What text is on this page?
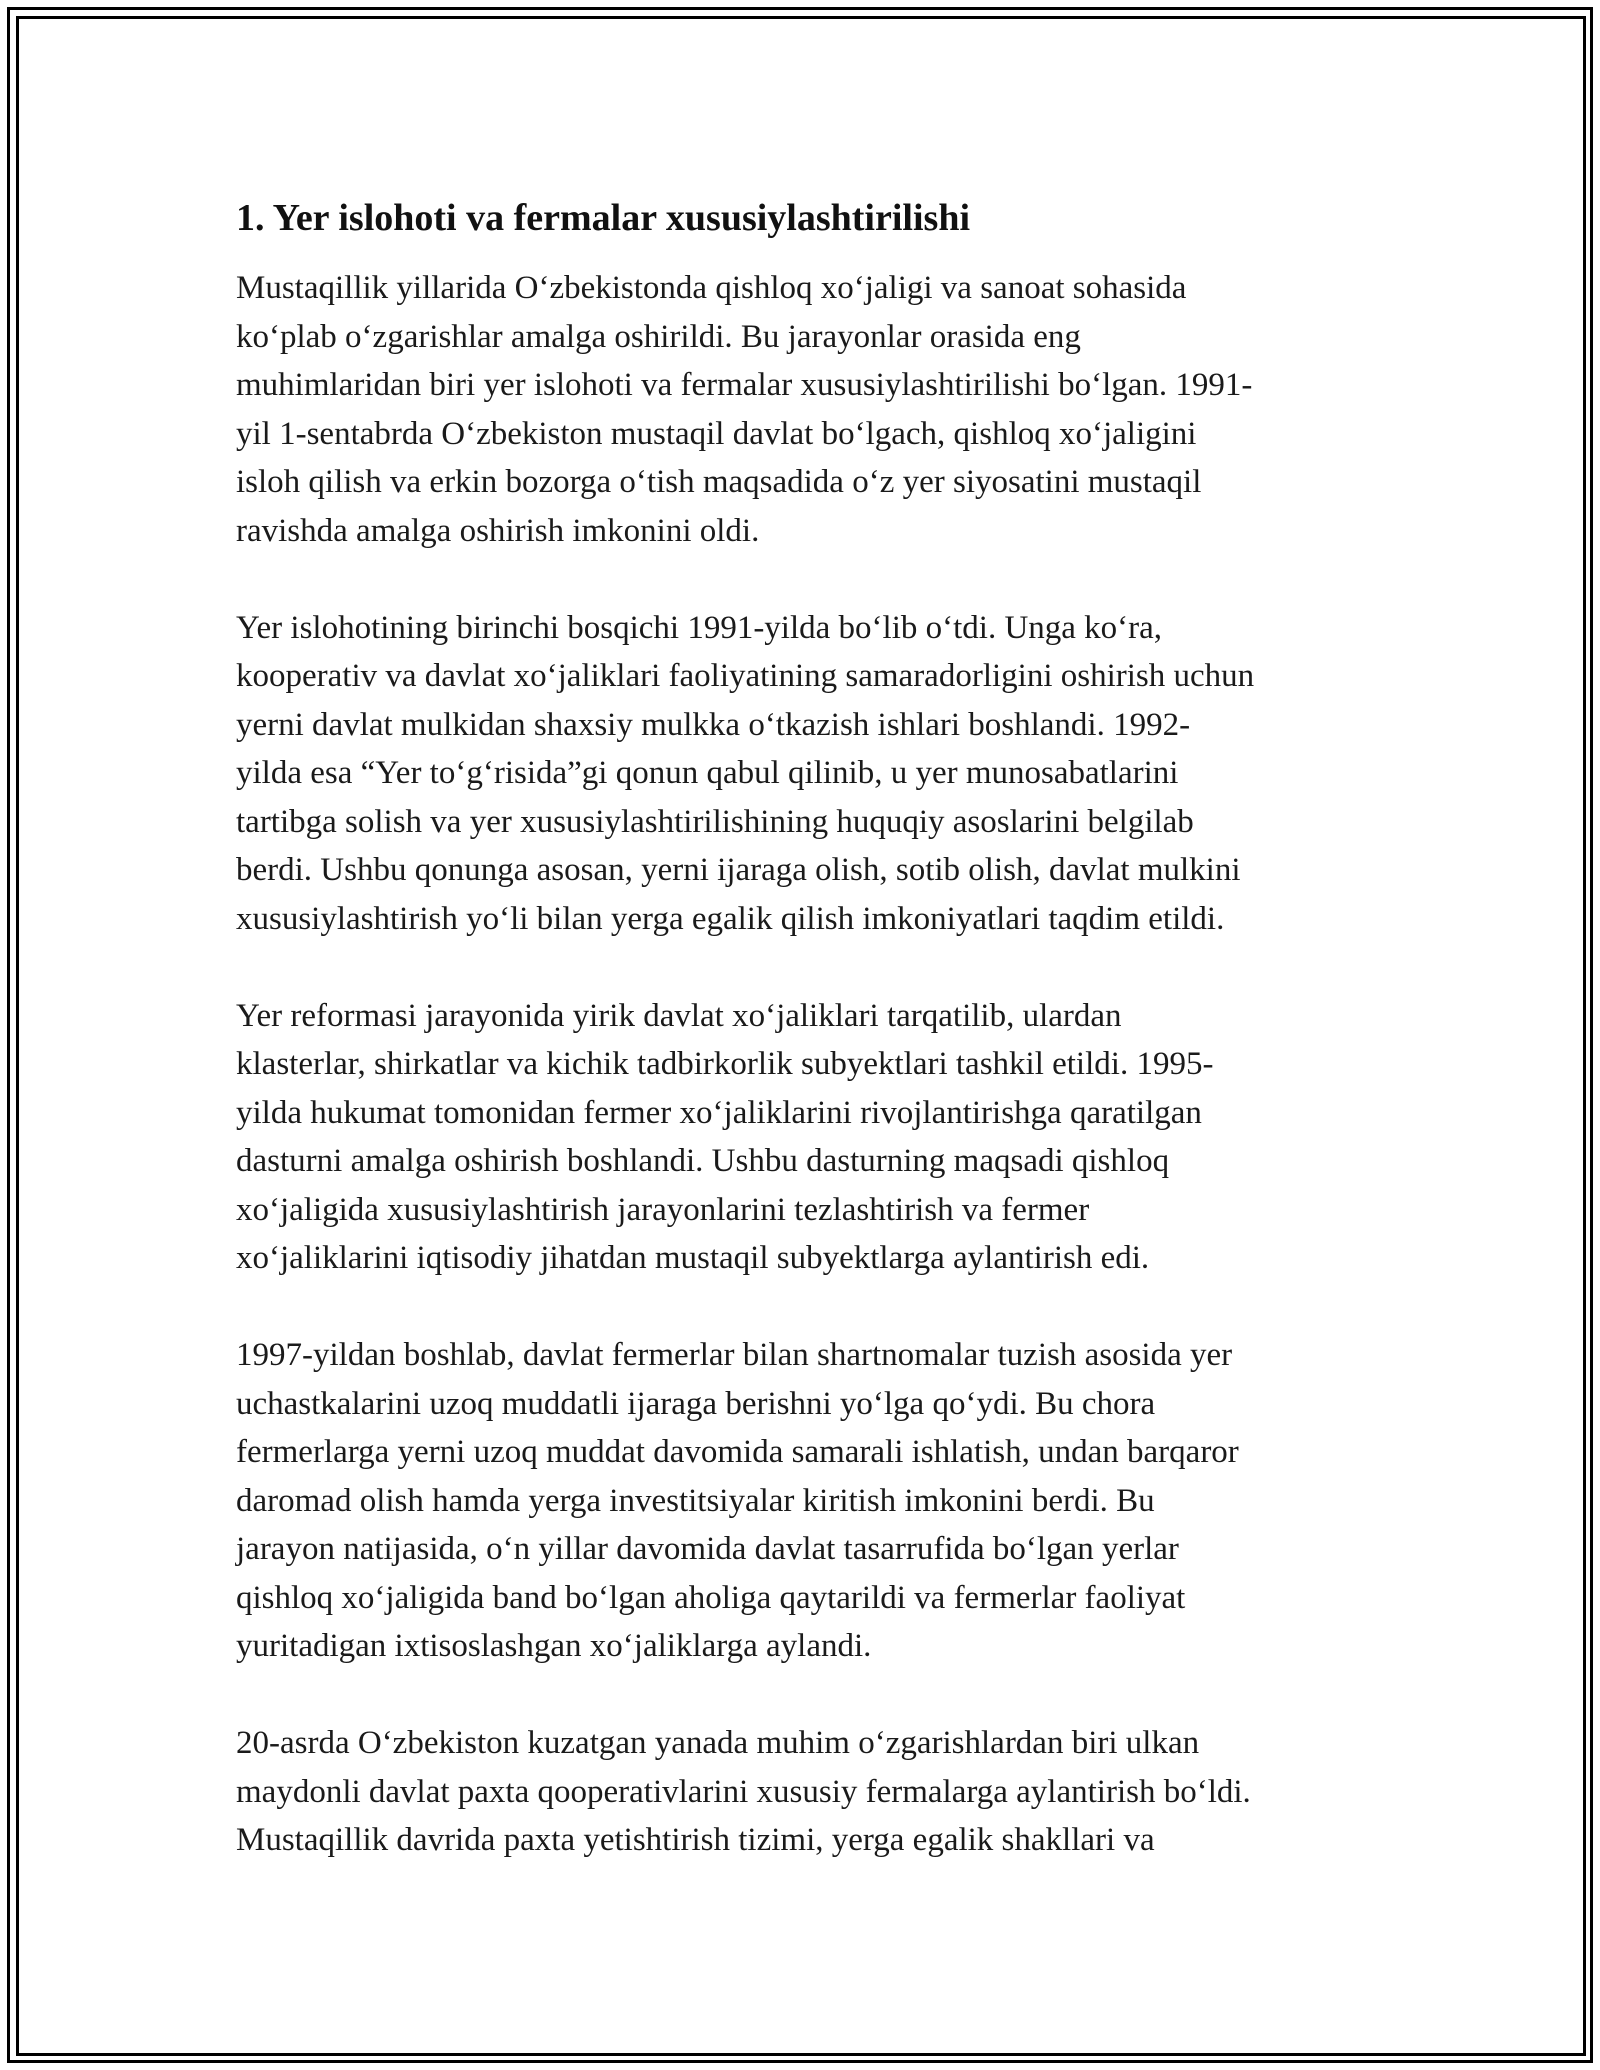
1. Yer islohoti va fermalar xususiylashtirilishi

Mustaqillik yillarida O‘zbekistonda qishloq xo‘jaligi va sanoat sohasida
ko‘plab o‘zgarishlar amalga oshirildi. Bu jarayonlar orasida eng
muhimlaridan biri yer islohoti va fermalar xususiylashtirilishi bo‘lgan. 1991-
yil 1-sentabrda O‘zbekiston mustaqil davlat bo‘lgach, qishloq xo‘jaligini
isloh qilish va erkin bozorga o‘tish maqsadida o‘z yer siyosatini mustaqil
ravishda amalga oshirish imkonini oldi.

Yer islohotining birinchi bosqichi 1991-yilda bo‘lib o‘tdi. Unga ko‘ra,
kooperativ va davlat xo‘jaliklari faoliyatining samaradorligini oshirish uchun
yerni davlat mulkidan shaxsiy mulkka o‘tkazish ishlari boshlandi. 1992-
yilda esa “Yer to‘g‘risida”gi qonun qabul qilinib, u yer munosabatlarini
tartibga solish va yer xususiylashtirilishining huquqiy asoslarini belgilab
berdi. Ushbu qonunga asosan, yerni ijaraga olish, sotib olish, davlat mulkini
xususiylashtirish yo‘li bilan yerga egalik qilish imkoniyatlari taqdim etildi.

Yer reformasi jarayonida yirik davlat xo‘jaliklari tarqatilib, ulardan
klasterlar, shirkatlar va kichik tadbirkorlik subyektlari tashkil etildi. 1995-
yilda hukumat tomonidan fermer xo‘jaliklarini rivojlantirishga qaratilgan
dasturni amalga oshirish boshlandi. Ushbu dasturning maqsadi qishloq
xo‘jaligida xususiylashtirish jarayonlarini tezlashtirish va fermer
xo‘jaliklarini iqtisodiy jihatdan mustaqil subyektlarga aylantirish edi.

1997-yildan boshlab, davlat fermerlar bilan shartnomalar tuzish asosida yer
uchastkalarini uzoq muddatli ijaraga berishni yo‘lga qo‘ydi. Bu chora
fermerlarga yerni uzoq muddat davomida samarali ishlatish, undan barqaror
daromad olish hamda yerga investitsiyalar kiritish imkonini berdi. Bu
jarayon natijasida, o‘n yillar davomida davlat tasarrufida bo‘lgan yerlar
qishloq xo‘jaligida band bo‘lgan aholiga qaytarildi va fermerlar faoliyat
yuritadigan ixtisoslashgan xo‘jaliklarga aylandi.

20-asrda O‘zbekiston kuzatgan yanada muhim o‘zgarishlardan biri ulkan
maydonli davlat paxta qooperativlarini xususiy fermalarga aylantirish bo‘ldi.
Mustaqillik davrida paxta yetishtirish tizimi, yerga egalik shakllari va
